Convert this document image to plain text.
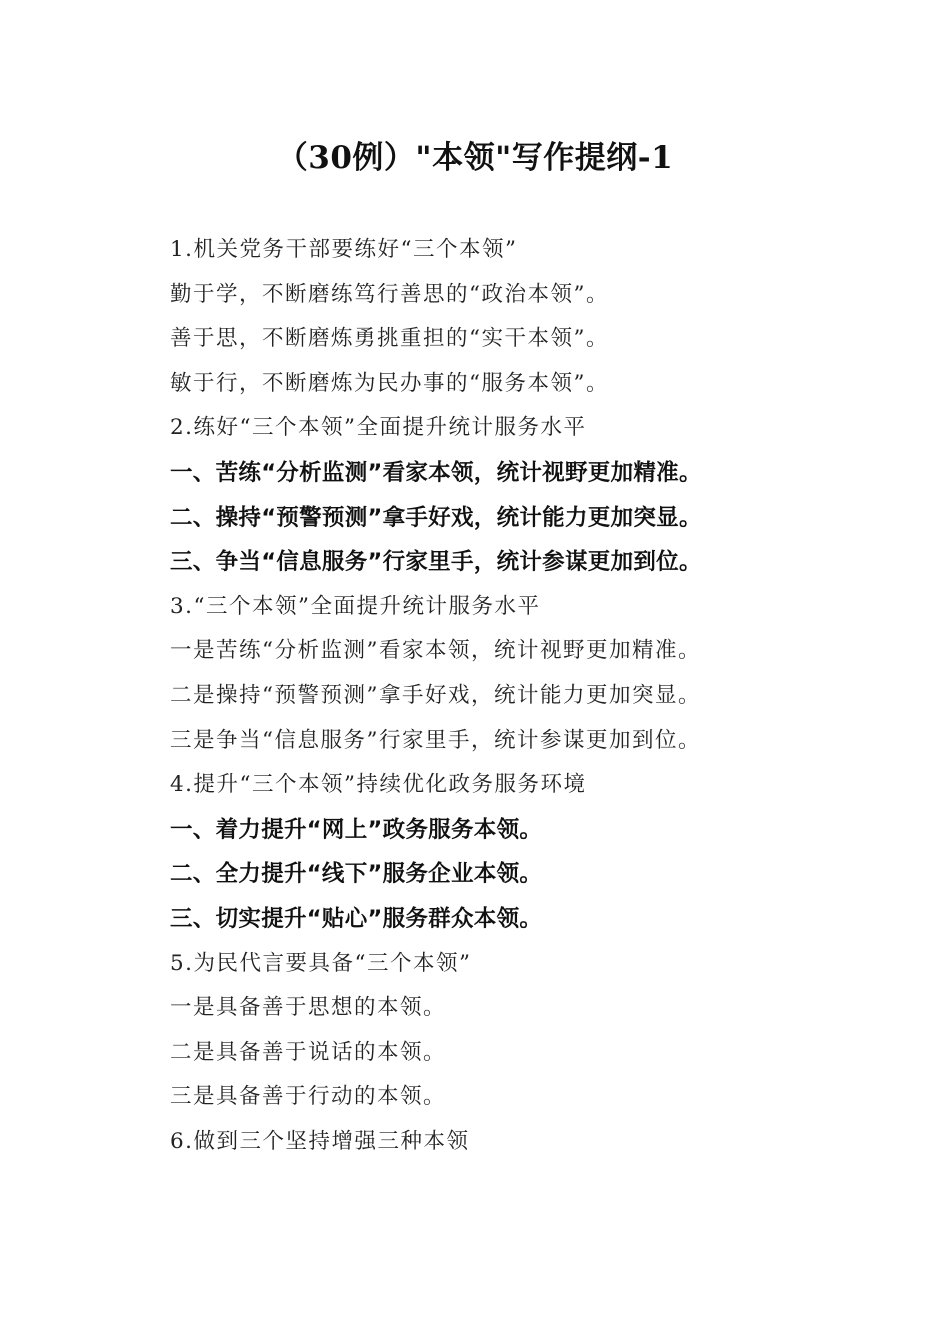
（30例）"本领"写作提纲-1
1.机关党务干部要练好“三个本领”
勤于学，不断磨练笃行善思的“政治本领”。
善于思，不断磨炼勇挑重担的“实干本领”。
敏于行，不断磨炼为民办事的“服务本领”。
2.练好“三个本领”全面提升统计服务水平
一、苦练“分析监测”看家本领，统计视野更加精准。
二、操持“预警预测”拿手好戏，统计能力更加突显。
三、争当“信息服务”行家里手，统计参谋更加到位。
3.“三个本领”全面提升统计服务水平
一是苦练“分析监测”看家本领，统计视野更加精准。
二是操持“预警预测”拿手好戏，统计能力更加突显。
三是争当“信息服务”行家里手，统计参谋更加到位。
4.提升“三个本领”持续优化政务服务环境
一、着力提升“网上”政务服务本领。
二、全力提升“线下”服务企业本领。
三、切实提升“贴心”服务群众本领。
5.为民代言要具备“三个本领”
一是具备善于思想的本领。
二是具备善于说话的本领。
三是具备善于行动的本领。
6.做到三个坚持增强三种本领
